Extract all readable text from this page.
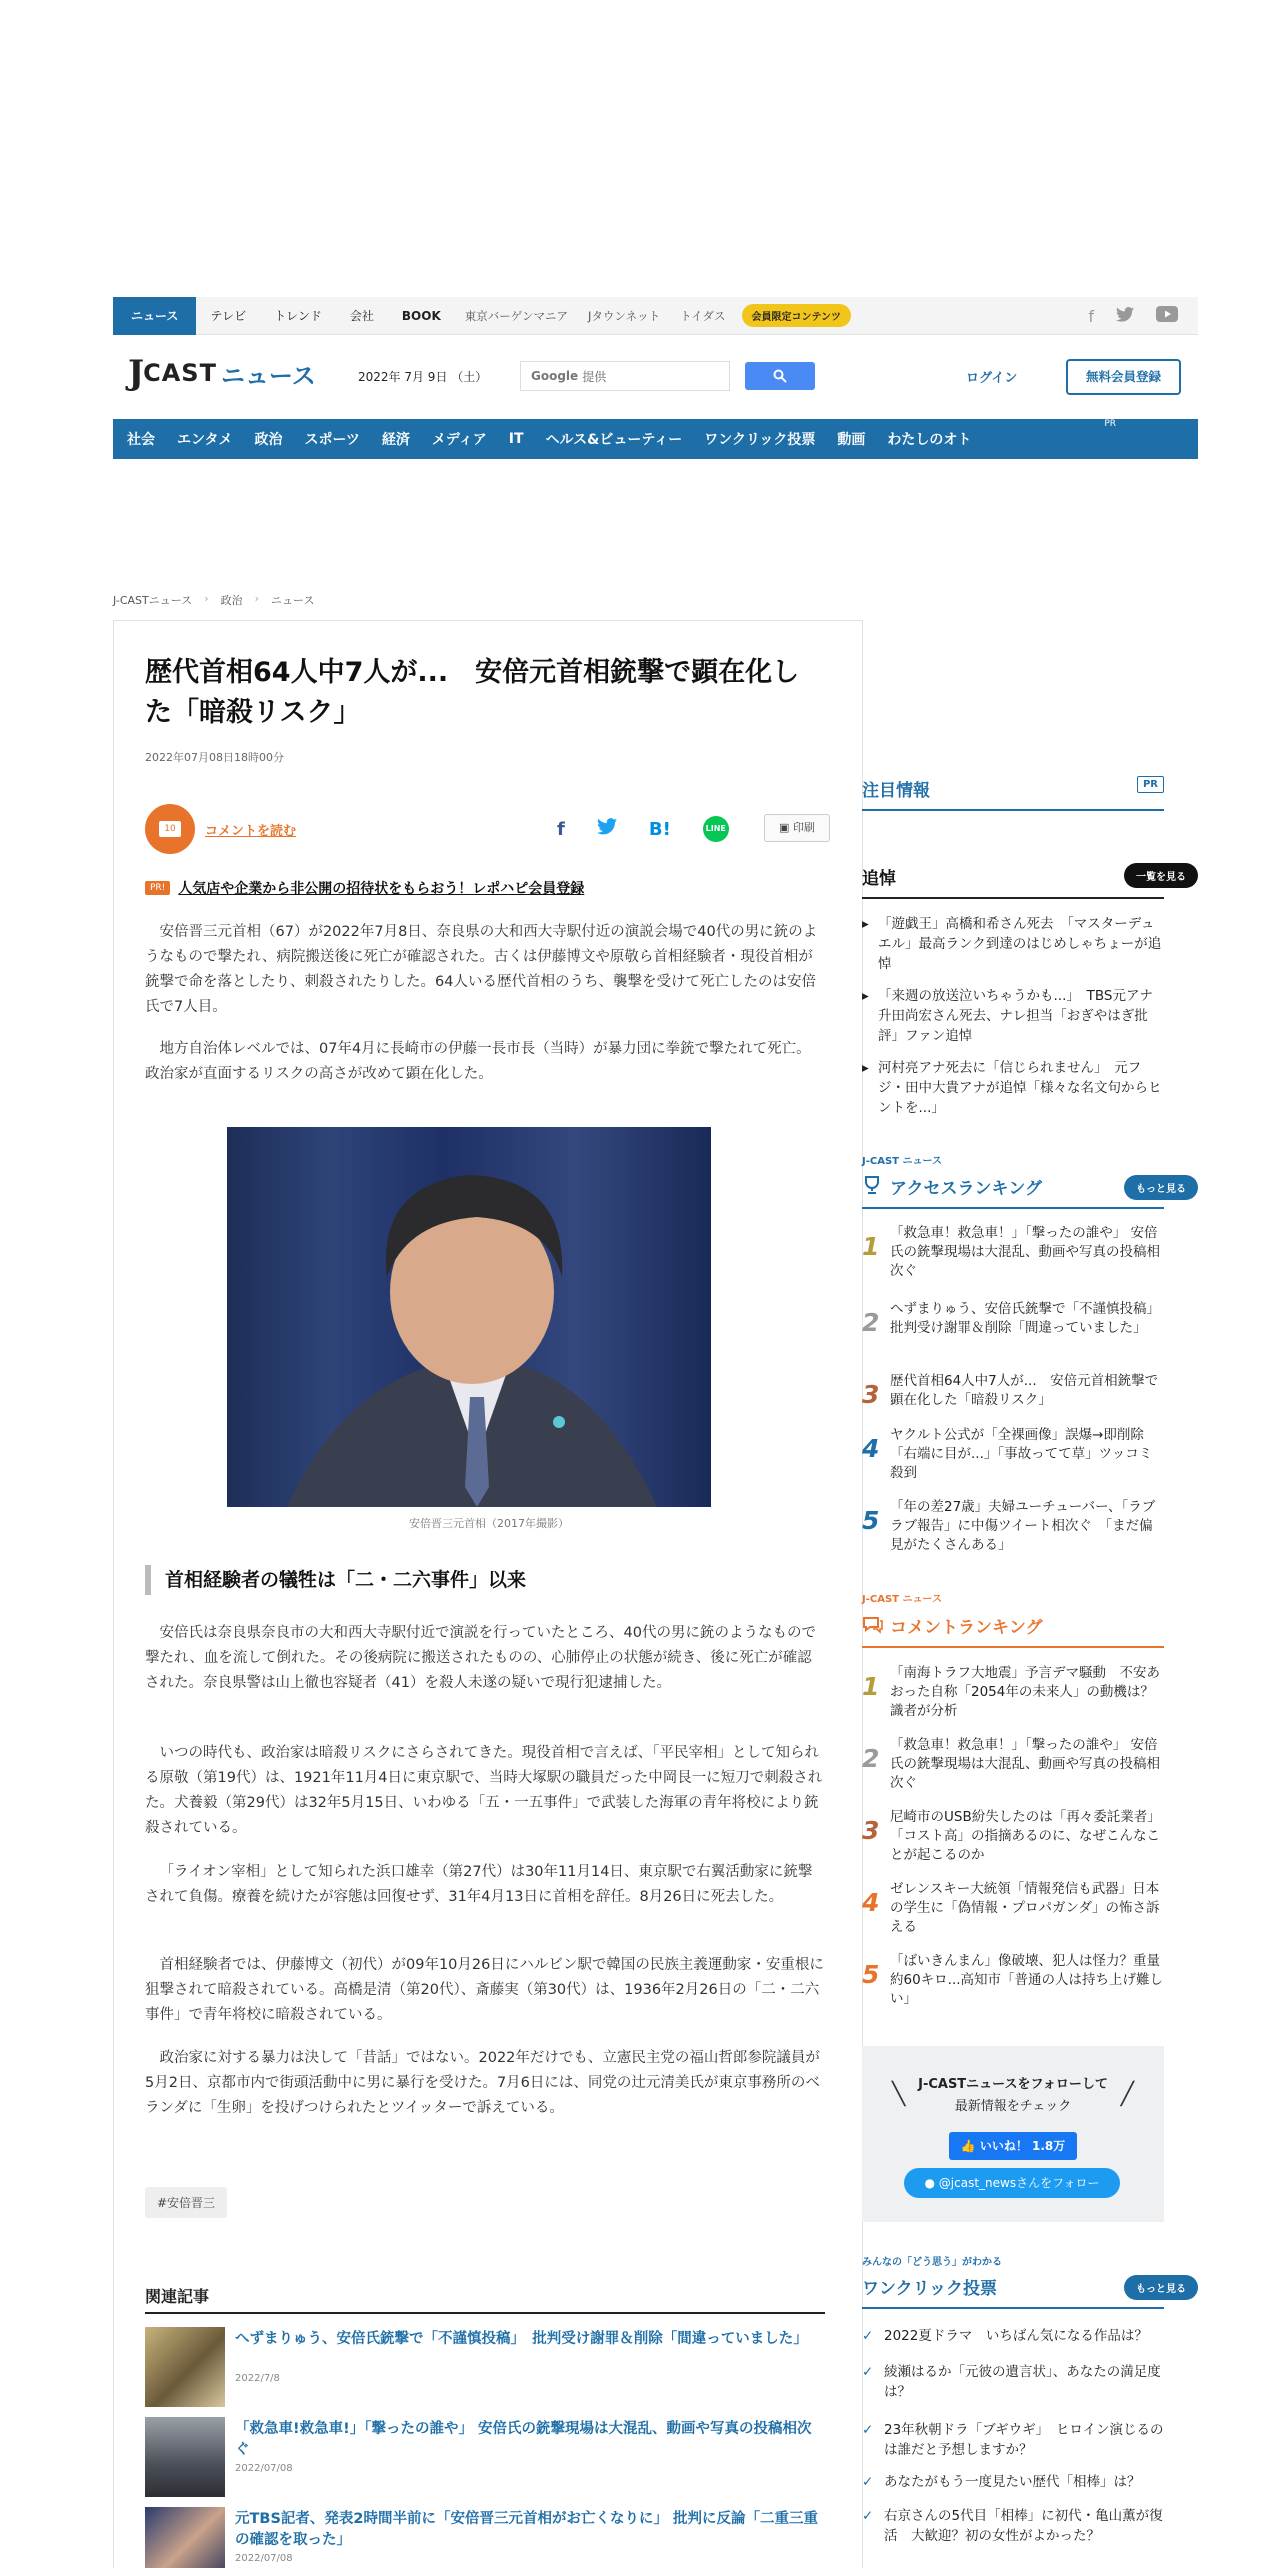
ニュース	テレビ	トレンド	会社	BOOK	東京バーゲンマニア	Jタウンネット	トイダス	会員限定コンテンツ	f
J CAST ニュース	2022年 7月 9日 （土）	Google 提供	ログイン	無料会員登録
社会	エンタメ	政治	スポーツ	経済	メディア	IT	ヘルス&ビューティー	ワンクリック投票	動画	わたしのオト
PR
J-CASTニュース › 政治 › ニュース
歴代首相64人中7人が...　安倍元首相銃撃で顕在化した「暗殺リスク」
2022年07月08日18時00分
10	コメントを読む	f	B!	LINE	▣ 印刷
PR! 人気店や企業から非公開の招待状をもらおう！レポハピ会員登録

安倍晋三元首相（67）が2022年7月8日、奈良県の大和西大寺駅付近の演説会場で40代の男に銃のようなもので撃たれ、病院搬送後に死亡が確認された。古くは伊藤博文や原敬ら首相経験者・現役首相が銃撃で命を落としたり、刺殺されたりした。64人いる歴代首相のうち、襲撃を受けて死亡したのは安倍氏で7人目。

地方自治体レベルでは、07年4月に長崎市の伊藤一長市長（当時）が暴力団に拳銃で撃たれて死亡。政治家が直面するリスクの高さが改めて顕在化した。

安倍晋三元首相（2017年撮影）
首相経験者の犠牲は「二・二六事件」以来

安倍氏は奈良県奈良市の大和西大寺駅付近で演説を行っていたところ、40代の男に銃のようなもので撃たれ、血を流して倒れた。その後病院に搬送されたものの、心肺停止の状態が続き、後に死亡が確認された。奈良県警は山上徹也容疑者（41）を殺人未遂の疑いで現行犯逮捕した。

いつの時代も、政治家は暗殺リスクにさらされてきた。現役首相で言えば、「平民宰相」として知られる原敬（第19代）は、1921年11月4日に東京駅で、当時大塚駅の職員だった中岡艮一に短刀で刺殺された。犬養毅（第29代）は32年5月15日、いわゆる「五・一五事件」で武装した海軍の青年将校により銃殺されている。

「ライオン宰相」として知られた浜口雄幸（第27代）は30年11月14日、東京駅で右翼活動家に銃撃されて負傷。療養を続けたが容態は回復せず、31年4月13日に首相を辞任。8月26日に死去した。

首相経験者では、伊藤博文（初代）が09年10月26日にハルビン駅で韓国の民族主義運動家・安重根に狙撃されて暗殺されている。高橋是清（第20代）、斎藤実（第30代）は、1936年2月26日の「二・二六事件」で青年将校に暗殺されている。

政治家に対する暴力は決して「昔話」ではない。2022年だけでも、立憲民主党の福山哲郎参院議員が5月2日、京都市内で街頭活動中に男に暴行を受けた。7月6日には、同党の辻元清美氏が東京事務所のベランダに「生卵」を投げつけられたとツイッターで訴えている。

#安倍晋三
関連記事
へずまりゅう、安倍氏銃撃で「不謹慎投稿」　批判受け謝罪＆削除「間違っていました」
2022/7/8
「救急車!救急車!」「撃ったの誰や」 安倍氏の銃撃現場は大混乱、動画や写真の投稿相次ぐ
2022/07/08
元TBS記者、発表2時間半前に「安倍晋三元首相がお亡くなりに」 批判に反論「二重三重の確認を取った」
2022/07/08
注目情報	PR
追悼	一覧を見る
▸ 「遊戯王」高橋和希さん死去　「マスターデュエル」最高ランク到達のはじめしゃちょーが追悼
▸ 「来週の放送泣いちゃうかも...」　TBS元アナ升田尚宏さん死去、ナレ担当「おぎやはぎ批評」ファン追悼
▸ 河村亮アナ死去に「信じられません」　元フジ・田中大貴アナが追悼「様々な名文句からヒントを...」
J-CAST ニュース
アクセスランキング	もっと見る
1 「救急車！救急車！」「撃ったの誰や」 安倍氏の銃撃現場は大混乱、動画や写真の投稿相次ぐ
2 へずまりゅう、安倍氏銃撃で「不謹慎投稿」　批判受け謝罪＆削除「間違っていました」
3 歴代首相64人中7人が...　安倍元首相銃撃で顕在化した「暗殺リスク」
4 ヤクルト公式が「全裸画像」誤爆→即削除「右端に目が...」「事故ってて草」ツッコミ殺到
5 「年の差27歳」夫婦ユーチューバー、「ラブラブ報告」に中傷ツイート相次ぐ　「まだ偏見がたくさんある」
J-CAST ニュース
コメントランキング
1 「南海トラフ大地震」予言デマ騒動　不安あおった自称「2054年の未来人」の動機は？識者が分析
2 「救急車！救急車！」「撃ったの誰や」 安倍氏の銃撃現場は大混乱、動画や写真の投稿相次ぐ
3 尼崎市のUSB紛失したのは「再々委託業者」　「コスト高」の指摘あるのに、なぜこんなことが起こるのか
4 ゼレンスキー大統領「情報発信も武器」日本の学生に「偽情報・プロパガンダ」の怖さ訴える
5 「ばいきんまん」像破壊、犯人は怪力？重量約60キロ...高知市「普通の人は持ち上げ難しい」
╲	╱
J-CASTニュースをフォローして
最新情報をチェック
👍 いいね！ 1.8万
● @jcast_newsさんをフォロー
みんなの「どう思う」がわかる
ワンクリック投票	もっと見る
✓ 2022夏ドラマ　いちばん気になる作品は？
✓ 綾瀬はるか「元彼の遺言状」、あなたの満足度は？
✓ 23年秋朝ドラ「ブギウギ」　ヒロイン演じるのは誰だと予想しますか？
✓ あなたがもう一度見たい歴代「相棒」は？
✓ 右京さんの5代目「相棒」に初代・亀山薫が復活　大歓迎？初の女性がよかった？
